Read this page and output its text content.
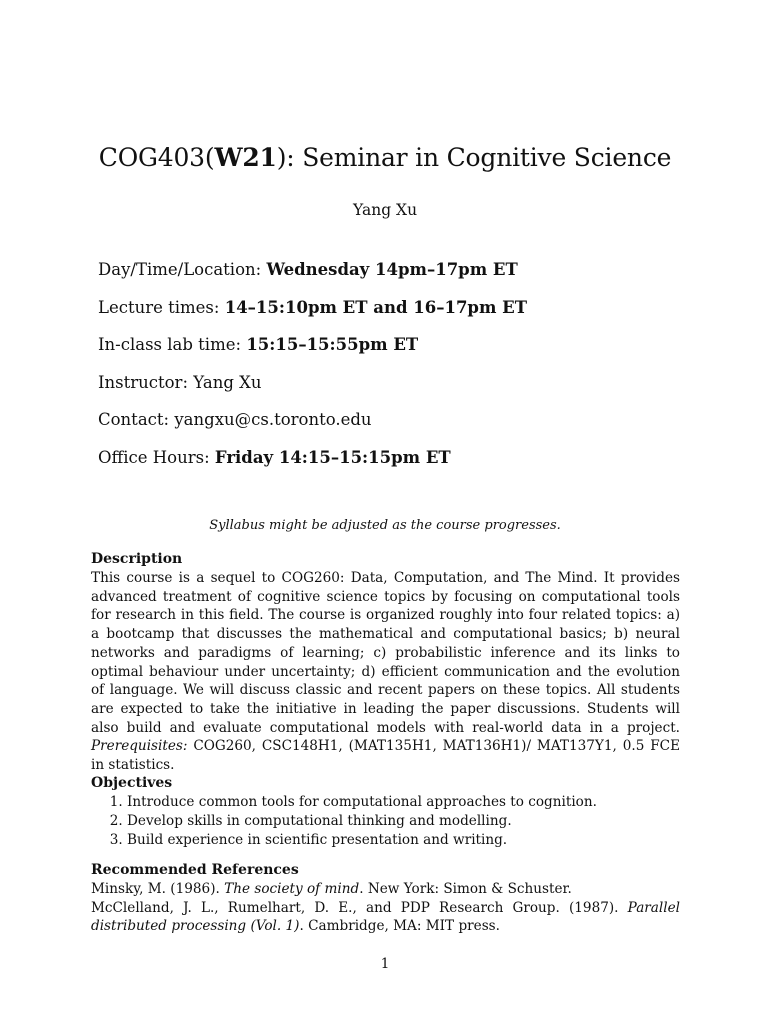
COG403(W21): Seminar in Cognitive Science
Yang Xu
Day/Time/Location: Wednesday 14pm–17pm ET
Lecture times: 14–15:10pm ET and 16–17pm ET
In-class lab time: 15:15–15:55pm ET
Instructor: Yang Xu
Contact: yangxu@cs.toronto.edu
Office Hours: Friday 14:15–15:15pm ET
Syllabus might be adjusted as the course progresses.

Description

This course is a sequel to COG260: Data, Computation, and The Mind. It provides advanced treatment of cognitive science topics by focusing on computational tools for research in this field. The course is organized roughly into four related topics: a) a bootcamp that discusses the mathematical and computational basics; b) neural networks and paradigms of learning; c) probabilistic inference and its links to optimal behaviour under uncertainty; d) efficient communication and the evolution of language. We will discuss classic and recent papers on these topics. All students are expected to take the initiative in leading the paper discussions. Students will also build and evaluate computational models with real-world data in a project. Prerequisites: COG260, CSC148H1, (MAT135H1, MAT136H1)/ MAT137Y1, 0.5 FCE in statistics.

Objectives

1. Introduce common tools for computational approaches to cognition.
2. Develop skills in computational thinking and modelling.
3. Build experience in scientific presentation and writing.

Recommended References

Minsky, M. (1986). The society of mind. New York: Simon & Schuster.

McClelland, J. L., Rumelhart, D. E., and PDP Research Group. (1987). Parallel distributed processing (Vol. 1). Cambridge, MA: MIT press.

1
